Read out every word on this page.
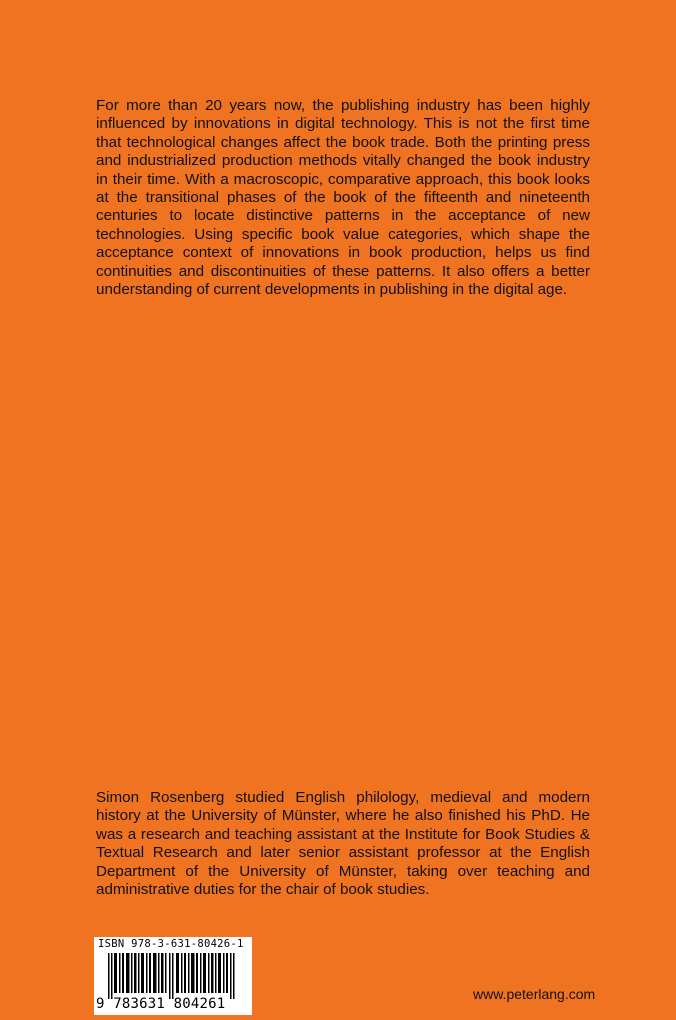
For more than 20 years now, the publishing industry has been highly influenced by innovations in digital technology. This is not the first time that technological changes affect the book trade. Both the printing press and industrialized production methods vitally changed the book industry in their time. With a macroscopic, comparative approach, this book looks at the transitional phases of the book of the fifteenth and nineteenth centuries to locate distinctive patterns in the acceptance of new technologies. Using specific book value categories, which shape the acceptance context of innovations in book production, helps us find continuities and discontinuities of these patterns. It also offers a better understanding of current developments in publishing in the digital age.
Simon Rosenberg studied English philology, medieval and modern history at the University of Münster, where he also finished his PhD. He was a research and teaching assistant at the Institute for Book Studies & Textual Research and later senior assistant professor at the English Department of the University of Münster, taking over teaching and administrative duties for the chair of book studies.
ISBN 978-3-631-80426-1
9 783631 804261
www.peterlang.com
